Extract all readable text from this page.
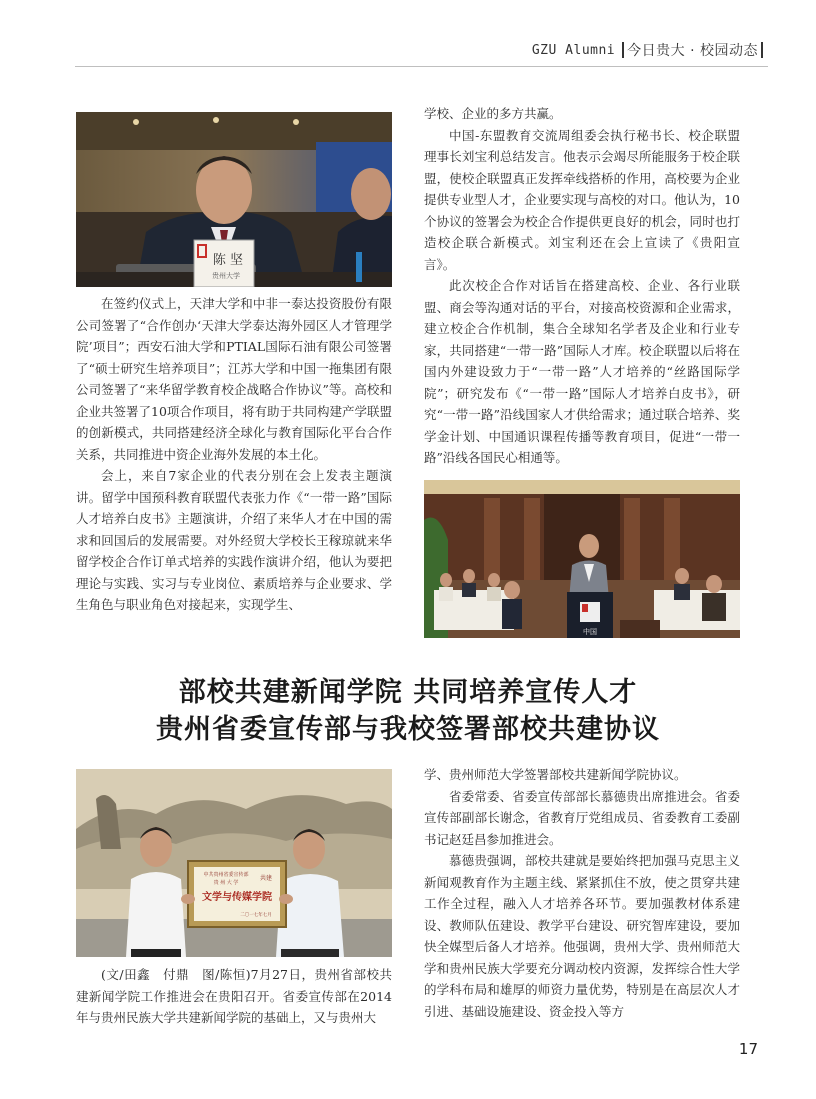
GZU Alumni 今日贵大 · 校园动态
陈 坚
贵州大学

在签约仪式上，天津大学和中非一泰达投资股份有限公司签署了“合作创办‘天津大学泰达海外园区人才管理学院’项目”；西安石油大学和PTIAL国际石油有限公司签署了“硕士研究生培养项目”；江苏大学和中国一拖集团有限公司签署了“来华留学教育校企战略合作协议”等。高校和企业共签署了10项合作项目，将有助于共同构建产学联盟的创新模式，共同搭建经济全球化与教育国际化平台合作关系，共同推进中资企业海外发展的本土化。

会上，来自7家企业的代表分别在会上发表主题演讲。留学中国预科教育联盟代表张力作《“一带一路”国际人才培养白皮书》主题演讲，介绍了来华人才在中国的需求和回国后的发展需要。对外经贸大学校长王稼琼就来华留学校企合作订单式培养的实践作演讲介绍，他认为要把理论与实践、实习与专业岗位、素质培养与企业要求、学生角色与职业角色对接起来，实现学生、

学校、企业的多方共赢。

中国-东盟教育交流周组委会执行秘书长、校企联盟理事长刘宝利总结发言。他表示会竭尽所能服务于校企联盟，使校企联盟真正发挥牵线搭桥的作用，高校要为企业提供专业型人才，企业要实现与高校的对口。他认为，10个协议的签署会为校企合作提供更良好的机会，同时也打造校企联合新模式。刘宝利还在会上宣读了《贵阳宣言》。

此次校企合作对话旨在搭建高校、企业、各行业联盟、商会等沟通对话的平台，对接高校资源和企业需求，建立校企合作机制，集合全球知名学者及企业和行业专家，共同搭建“一带一路”国际人才库。校企联盟以后将在国内外建设致力于“一带一路”人才培养的“丝路国际学院”；研究发布《“一带一路”国际人才培养白皮书》，研究“一带一路”沿线国家人才供给需求；通过联合培养、奖学金计划、中国通识课程传播等教育项目，促进“一带一路”沿线各国民心相通等。

中国
部校共建新闻学院 共同培养宣传人才
贵州省委宣传部与我校签署部校共建协议
中共贵州省委宣传部
贵 州 大 学
共建
文学与传媒学院
二〇一七年七月

(文/田鑫　付鼎　图/陈恒)7月27日，贵州省部校共建新闻学院工作推进会在贵阳召开。省委宣传部在2014年与贵州民族大学共建新闻学院的基础上，又与贵州大

学、贵州师范大学签署部校共建新闻学院协议。

省委常委、省委宣传部部长慕德贵出席推进会。省委宣传部副部长谢念，省教育厅党组成员、省委教育工委副书记赵廷昌参加推进会。

慕德贵强调，部校共建就是要始终把加强马克思主义新闻观教育作为主题主线、紧紧抓住不放，使之贯穿共建工作全过程，融入人才培养各环节。要加强教材体系建设、教师队伍建设、教学平台建设、研究智库建设，要加快全媒型后备人才培养。他强调，贵州大学、贵州师范大学和贵州民族大学要充分调动校内资源，发挥综合性大学的学科布局和雄厚的师资力量优势，特别是在高层次人才引进、基础设施建设、资金投入等方

17
